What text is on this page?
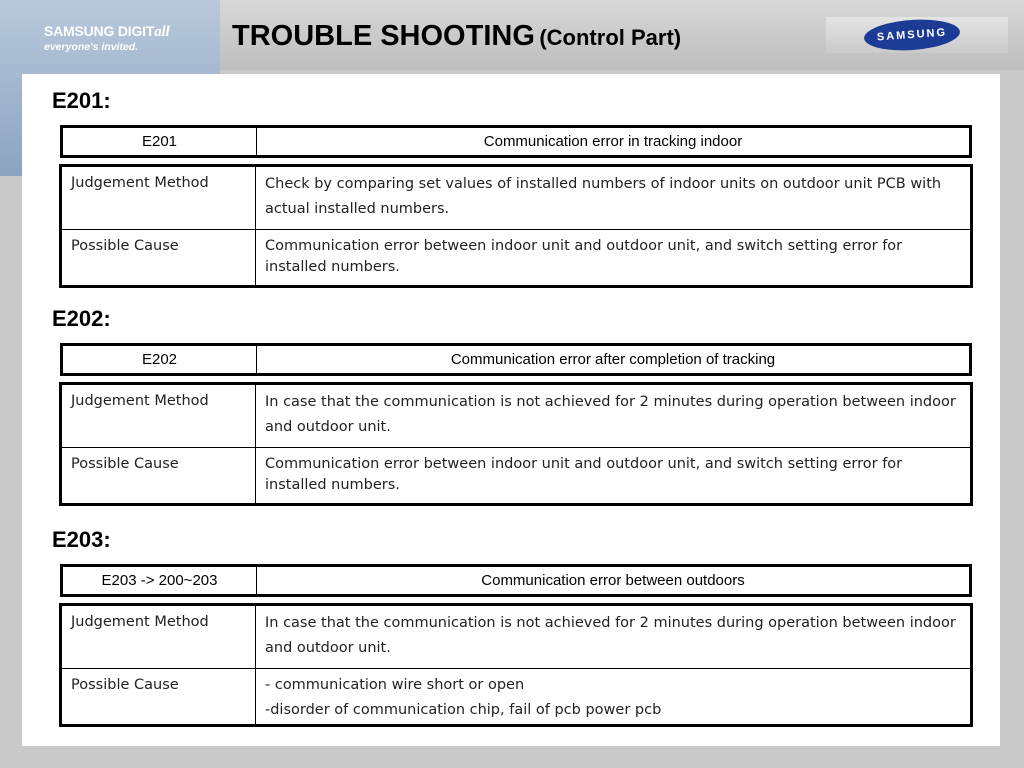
SAMSUNG DIGITall
everyone's invited.	TROUBLE SHOOTING (Control Part)	SAMSUNG
E201:
E201	Communication error in tracking indoor
Judgement Method	Check by comparing set values of installed numbers of indoor units on outdoor unit PCB with actual installed numbers.
Possible Cause	Communication error between indoor unit and outdoor unit, and switch setting error for installed numbers.
E202:
E202	Communication error after completion of tracking
Judgement Method	In case that the communication is not achieved for 2 minutes during operation between indoor and outdoor unit.
Possible Cause	Communication error between indoor unit and outdoor unit, and switch setting error for installed numbers.
E203:
E203 -> 200~203	Communication error between outdoors
Judgement Method	In case that the communication is not achieved for 2 minutes during operation between indoor and outdoor unit.
Possible Cause	- communication wire short or open
-disorder of communication chip, fail of pcb power pcb
